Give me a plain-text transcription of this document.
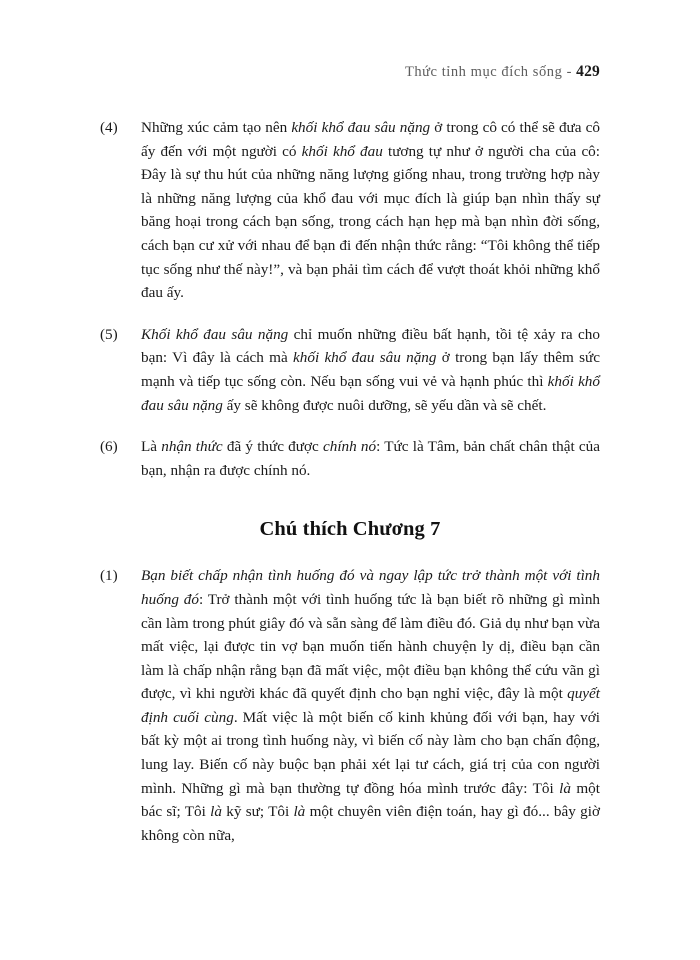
Thức tỉnh mục đích sống - 429
(4)	Những xúc cảm tạo nên khối khổ đau sâu nặng ở trong cô có thể sẽ đưa cô ấy đến với một người có khối khổ đau tương tự như ở người cha của cô: Đây là sự thu hút của những năng lượng giống nhau, trong trường hợp này là những năng lượng của khổ đau với mục đích là giúp bạn nhìn thấy sự băng hoại trong cách bạn sống, trong cách hạn hẹp mà bạn nhìn đời sống, cách bạn cư xử với nhau để bạn đi đến nhận thức rằng: “Tôi không thể tiếp tục sống như thế này!”, và bạn phải tìm cách để vượt thoát khỏi những khổ đau ấy.
(5)	Khối khổ đau sâu nặng chỉ muốn những điều bất hạnh, tồi tệ xảy ra cho bạn: Vì đây là cách mà khối khổ đau sâu nặng ở trong bạn lấy thêm sức mạnh và tiếp tục sống còn. Nếu bạn sống vui vẻ và hạnh phúc thì khối khổ đau sâu nặng ấy sẽ không được nuôi dưỡng, sẽ yếu dần và sẽ chết.
(6)	Là nhận thức đã ý thức được chính nó: Tức là Tâm, bản chất chân thật của bạn, nhận ra được chính nó.
Chú thích Chương 7
(1)	Bạn biết chấp nhận tình huống đó và ngay lập tức trở thành một với tình huống đó: Trở thành một với tình huống tức là bạn biết rõ những gì mình cần làm trong phút giây đó và sẵn sàng để làm điều đó. Giả dụ như bạn vừa mất việc, lại được tin vợ bạn muốn tiến hành chuyện ly dị, điều bạn cần làm là chấp nhận rằng bạn đã mất việc, một điều bạn không thể cứu vãn gì được, vì khi người khác đã quyết định cho bạn nghỉ việc, đây là một quyết định cuối cùng. Mất việc là một biến cố kinh khủng đối với bạn, hay với bất kỳ một ai trong tình huống này, vì biến cố này làm cho bạn chấn động, lung lay. Biến cố này buộc bạn phải xét lại tư cách, giá trị của con người mình. Những gì mà bạn thường tự đồng hóa mình trước đây: Tôi là một bác sĩ; Tôi là kỹ sư; Tôi là một chuyên viên điện toán, hay gì đó... bây giờ không còn nữa,
